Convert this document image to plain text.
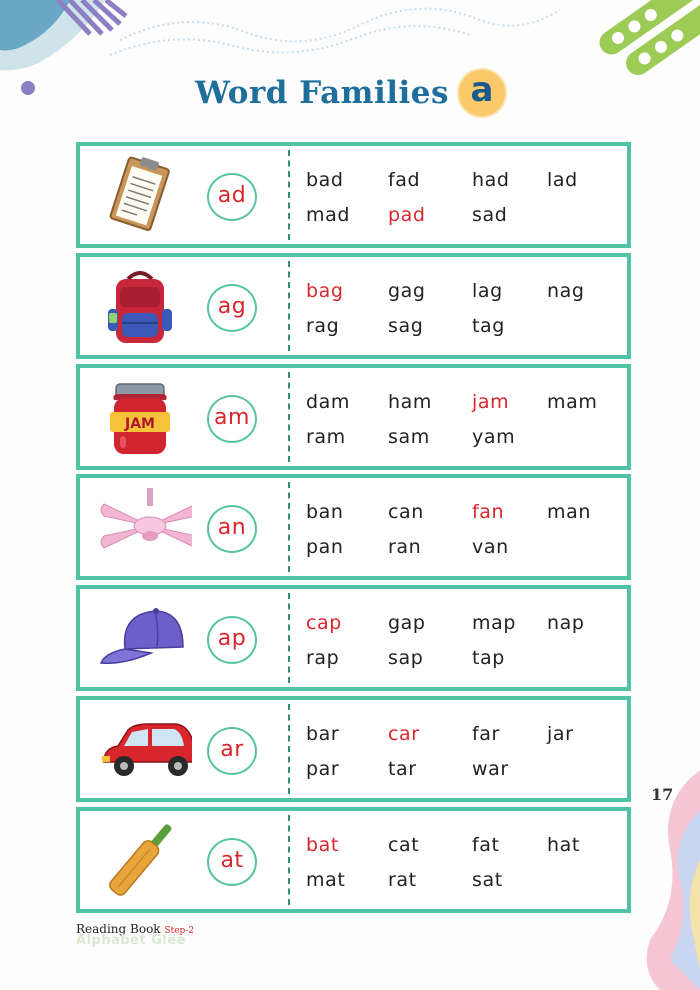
Word Families a
ad
bad	fad	had	lad
mad	pad	sad
ag
bag	gag	lag	nag
rag	sag	tag
JAM	am
dam	ham	jam	mam
ram	sam	yam
an
ban	can	fan	man
pan	ran	van
ap
cap	gap	map	nap
rap	sap	tap
ar
bar	car	far	jar
par	tar	war
at
bat	cat	fat	hat
mat	rat	sat
17
Reading Book Step-2
Alphabet Glee
